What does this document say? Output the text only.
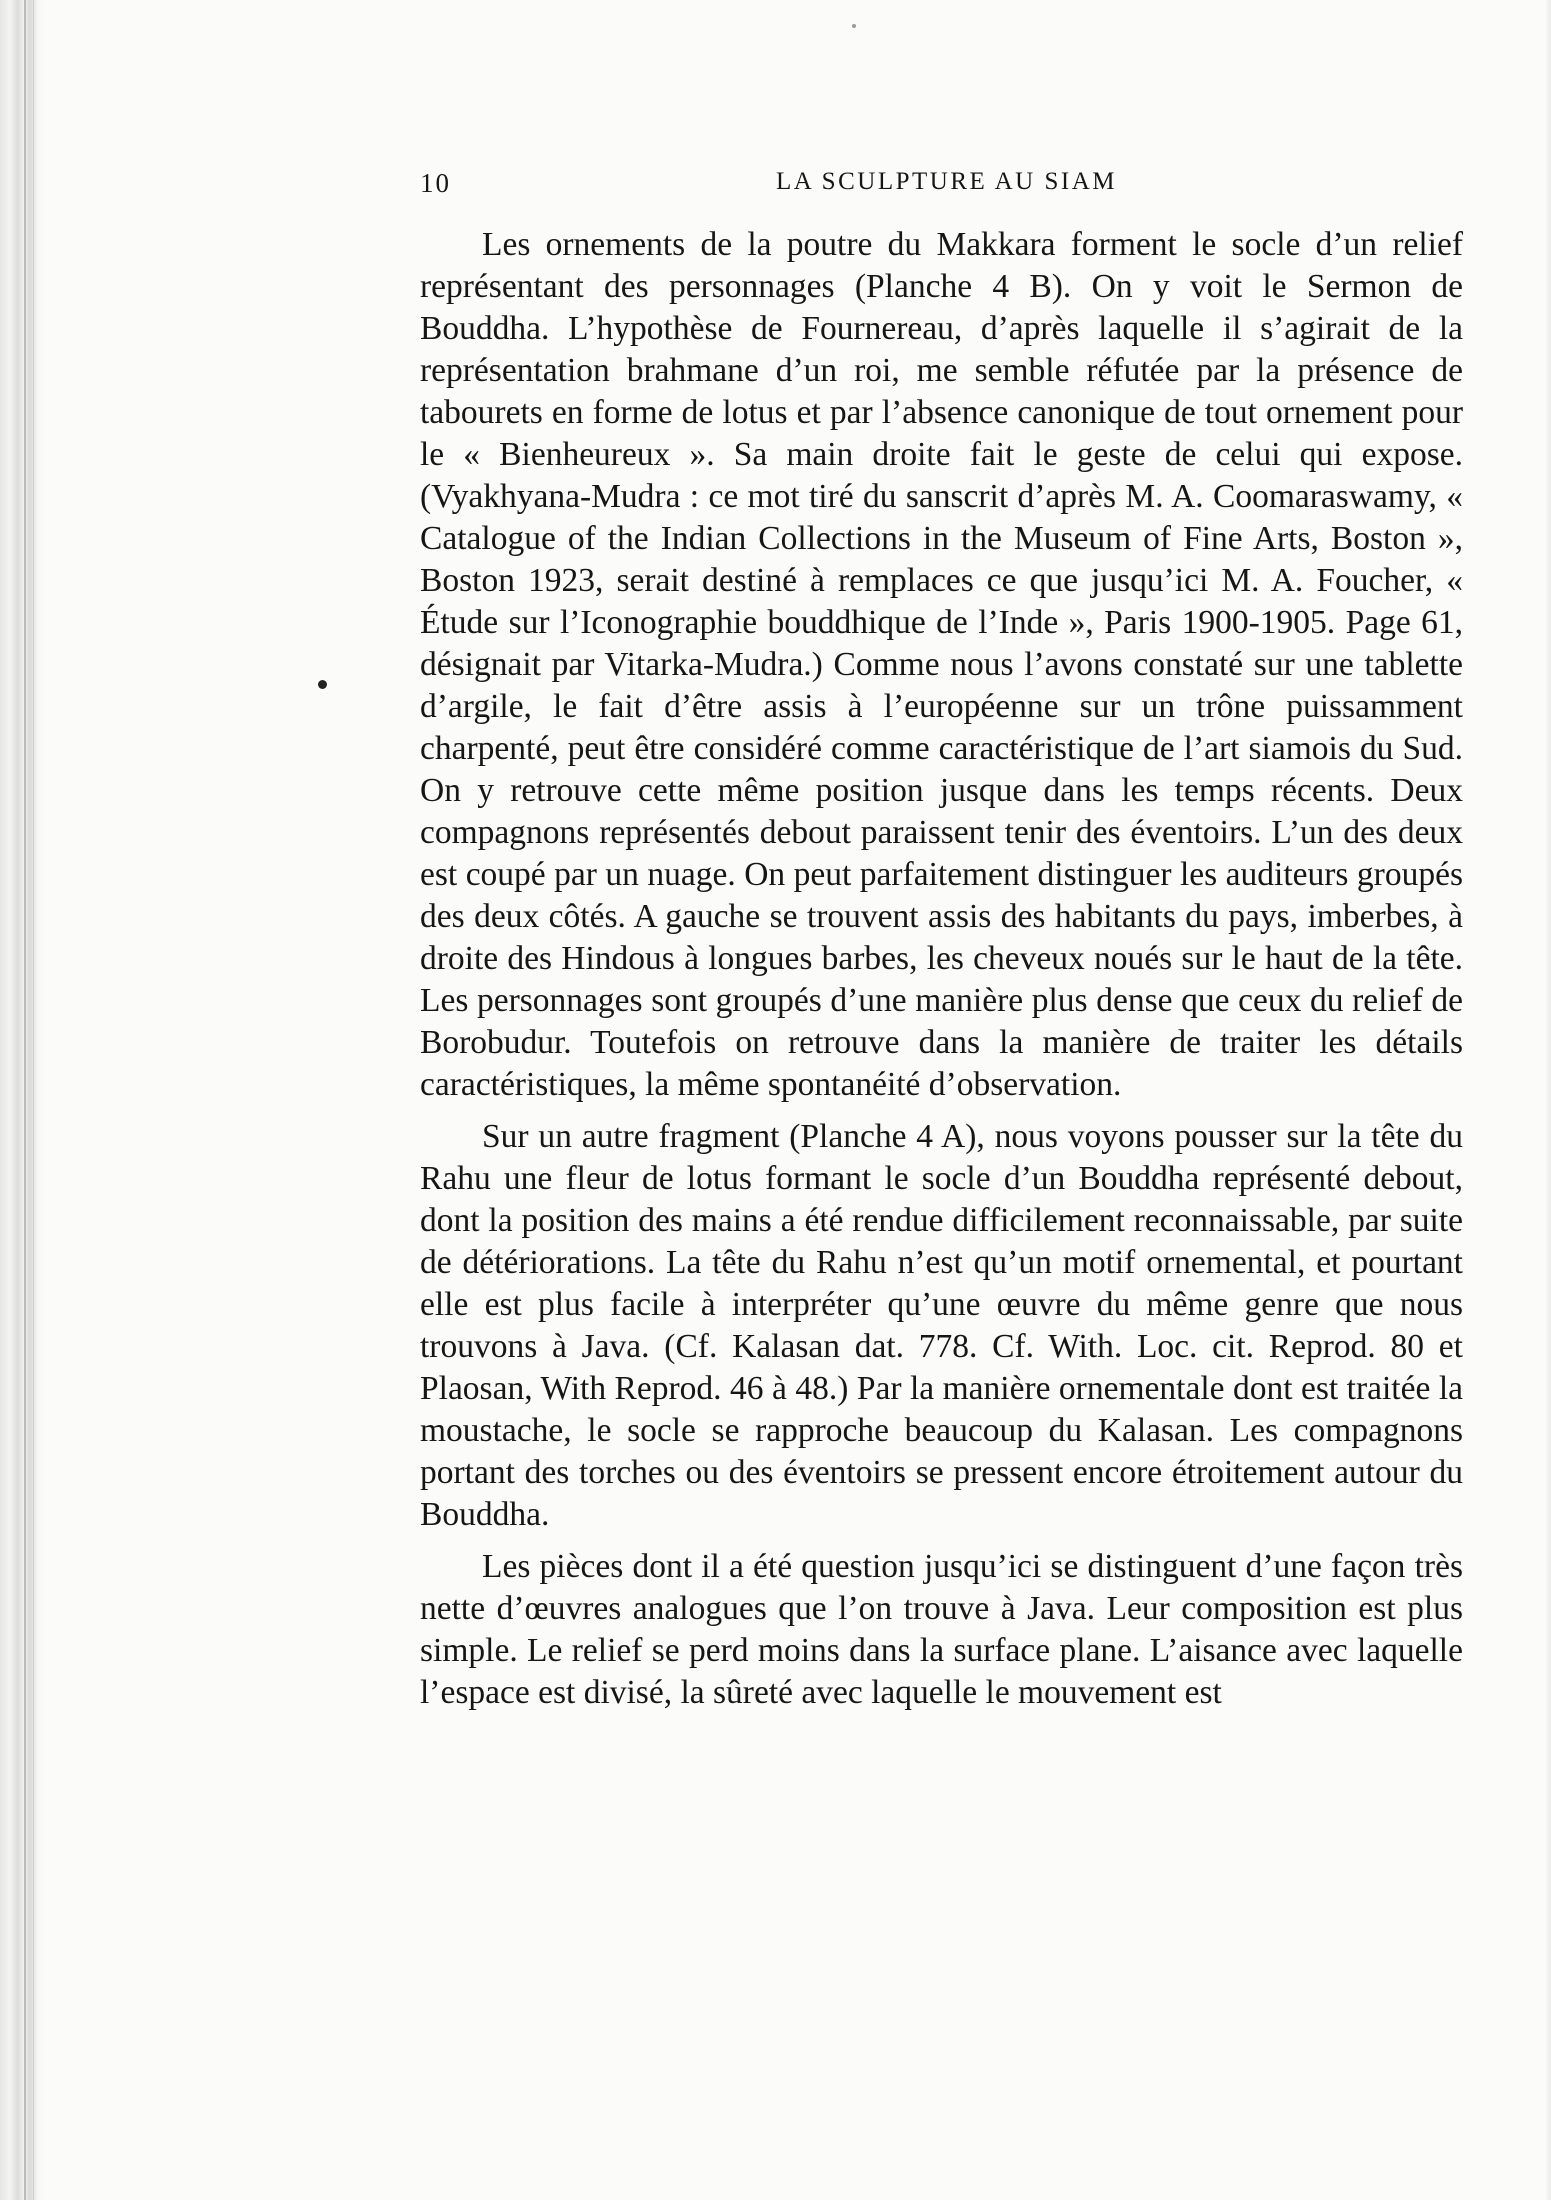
10	LA SCULPTURE AU SIAM

Les ornements de la poutre du Makkara forment le socle d’un relief représentant des personnages (Planche 4 B). On y voit le Sermon de Bouddha. L’hypothèse de Fournereau, d’après laquelle il s’agirait de la représentation brahmane d’un roi, me semble réfutée par la présence de tabourets en forme de lotus et par l’absence canonique de tout ornement pour le « Bienheureux ». Sa main droite fait le geste de celui qui expose. (Vyakhyana-Mudra : ce mot tiré du sanscrit d’après M. A. Coomaraswamy, « Catalogue of the Indian Collections in the Museum of Fine Arts, Boston », Boston 1923, serait destiné à remplaces ce que jusqu’ici M. A. Foucher, « Étude sur l’Iconographie bouddhique de l’Inde », Paris 1900-1905. Page 61, désignait par Vitarka-Mudra.) Comme nous l’avons constaté sur une tablette d’argile, le fait d’être assis à l’européenne sur un trône puissamment charpenté, peut être considéré comme caractéristique de l’art siamois du Sud. On y retrouve cette même position jusque dans les temps récents. Deux compagnons représentés debout paraissent tenir des éventoirs. L’un des deux est coupé par un nuage. On peut parfaitement distinguer les auditeurs groupés des deux côtés. A gauche se trouvent assis des habitants du pays, imberbes, à droite des Hindous à longues barbes, les cheveux noués sur le haut de la tête. Les personnages sont groupés d’une manière plus dense que ceux du relief de Borobudur. Toutefois on retrouve dans la manière de traiter les détails caractéristiques, la même spontanéité d’observation.

Sur un autre fragment (Planche 4 A), nous voyons pousser sur la tête du Rahu une fleur de lotus formant le socle d’un Bouddha représenté debout, dont la position des mains a été rendue difficilement reconnaissable, par suite de détériorations. La tête du Rahu n’est qu’un motif ornemental, et pourtant elle est plus facile à interpréter qu’une œuvre du même genre que nous trouvons à Java. (Cf. Kalasan dat. 778. Cf. With. Loc. cit. Reprod. 80 et Plaosan, With Reprod. 46 à 48.) Par la manière ornementale dont est traitée la moustache, le socle se rapproche beaucoup du Kalasan. Les compagnons portant des torches ou des éventoirs se pressent encore étroitement autour du Bouddha.

Les pièces dont il a été question jusqu’ici se distinguent d’une façon très nette d’œuvres analogues que l’on trouve à Java. Leur composition est plus simple. Le relief se perd moins dans la surface plane. L’aisance avec laquelle l’espace est divisé, la sûreté avec laquelle le mouvement est
